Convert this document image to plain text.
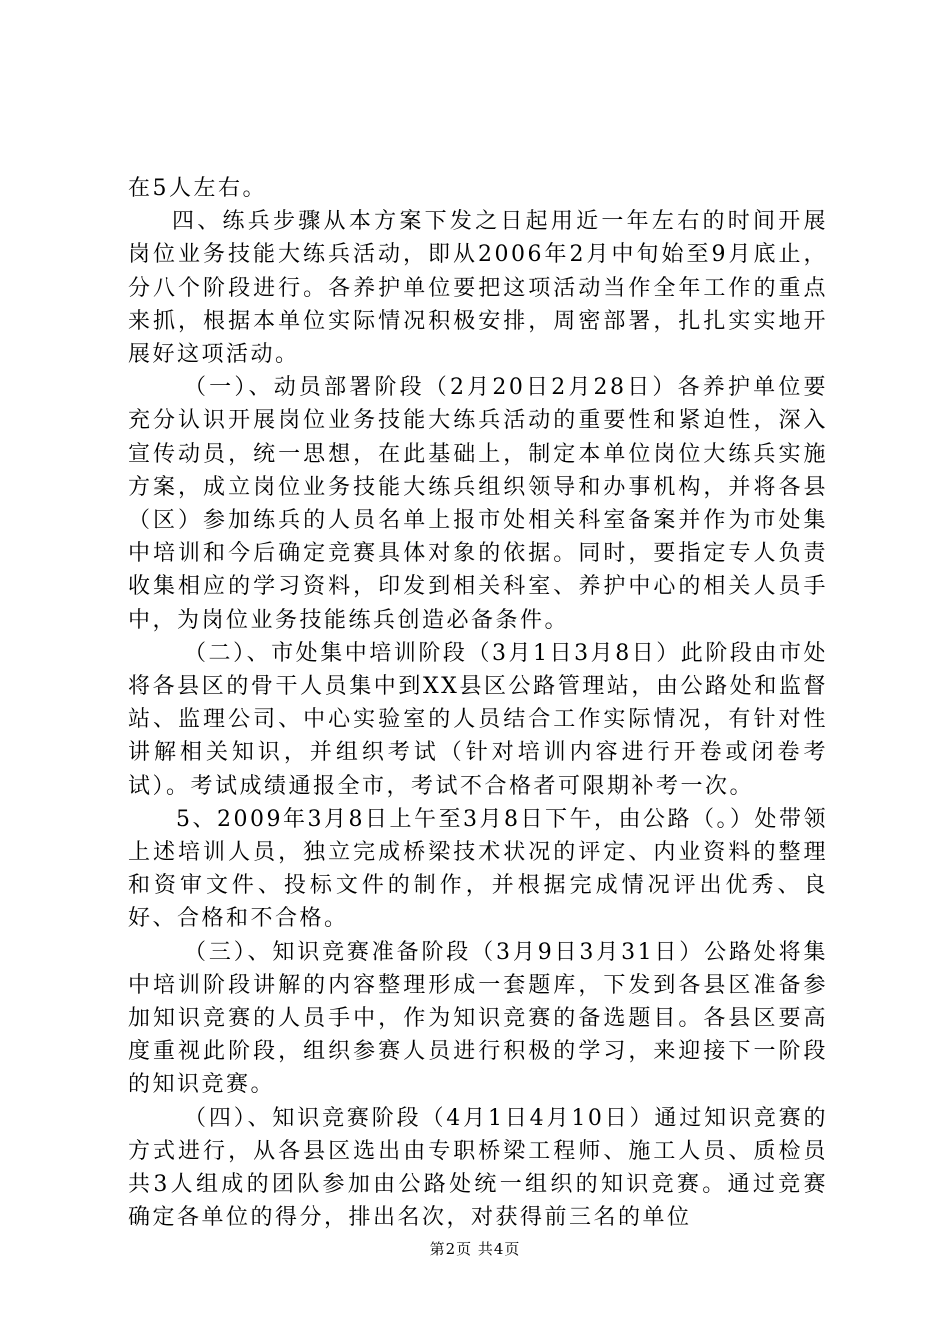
在5人左右。

四、练兵步骤从本方案下发之日起用近一年左右的时间开展岗位业务技能大练兵活动，即从2006年2月中旬始至9月底止，分八个阶段进行。各养护单位要把这项活动当作全年工作的重点来抓，根据本单位实际情况积极安排，周密部署，扎扎实实地开展好这项活动。

（一）、动员部署阶段（2月20日2月28日）各养护单位要充分认识开展岗位业务技能大练兵活动的重要性和紧迫性，深入宣传动员，统一思想，在此基础上，制定本单位岗位大练兵实施方案，成立岗位业务技能大练兵组织领导和办事机构，并将各县（区）参加练兵的人员名单上报市处相关科室备案并作为市处集中培训和今后确定竞赛具体对象的依据。同时，要指定专人负责收集相应的学习资料，印发到相关科室、养护中心的相关人员手中，为岗位业务技能练兵创造必备条件。

（二）、市处集中培训阶段（3月1日3月8日）此阶段由市处将各县区的骨干人员集中到XX县区公路管理站，由公路处和监督站、监理公司、中心实验室的人员结合工作实际情况，有针对性讲解相关知识，并组织考试（针对培训内容进行开卷或闭卷考试）。考试成绩通报全市，考试不合格者可限期补考一次。

5、2009年3月8日上午至3月8日下午，由公路（。）处带领上述培训人员，独立完成桥梁技术状况的评定、内业资料的整理和资审文件、投标文件的制作，并根据完成情况评出优秀、良好、合格和不合格。

（三）、知识竞赛准备阶段（3月9日3月31日）公路处将集中培训阶段讲解的内容整理形成一套题库，下发到各县区准备参加知识竞赛的人员手中，作为知识竞赛的备选题目。各县区要高度重视此阶段，组织参赛人员进行积极的学习，来迎接下一阶段的知识竞赛。

（四）、知识竞赛阶段（4月1日4月10日）通过知识竞赛的方式进行，从各县区选出由专职桥梁工程师、施工人员、质检员共3人组成的团队参加由公路处统一组织的知识竞赛。通过竞赛确定各单位的得分，排出名次，对获得前三名的单位

第2页 共4页
